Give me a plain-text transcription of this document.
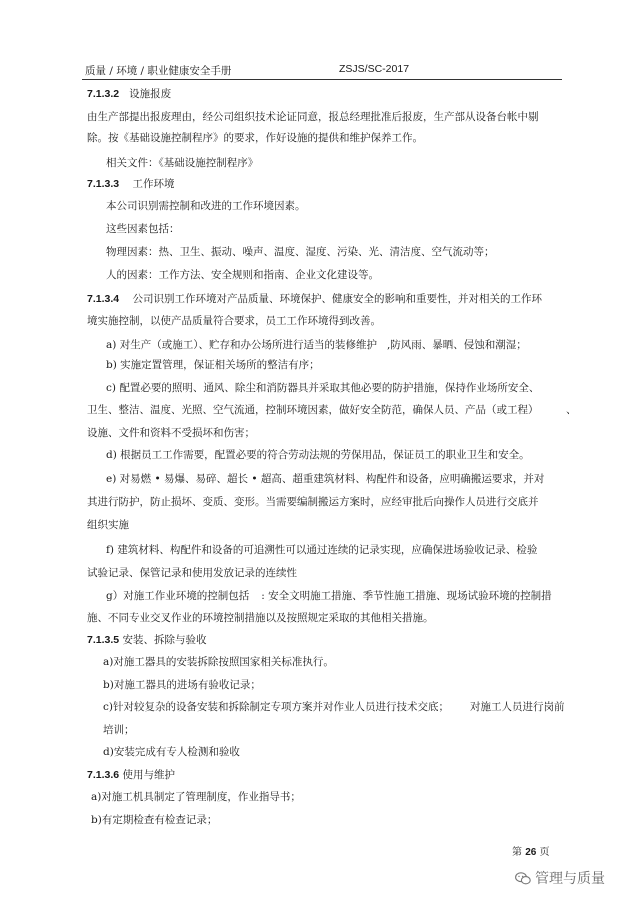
质量 / 环境 / 职业健康安全手册	ZSJS/SC-2017
7.1.3.2 设施报废
由生产部提出报废理由，经公司组织技术论证同意，报总经理批准后报废，生产部从设备台帐中剔
除。按《基础设施控制程序》的要求，作好设施的提供和维护保养工作。
相关文件：《基础设施控制程序》
7.1.3.3 工作环境
本公司识别需控制和改进的工作环境因素。
这些因素包括：
物理因素：热、卫生、振动、噪声、温度、湿度、污染、光、清洁度、空气流动等；
人的因素：工作方法、安全规则和指南、企业文化建设等。
7.1.3.4 公司识别工作环境对产品质量、环境保护、健康安全的影响和重要性，并对相关的工作环
境实施控制，以使产品质量符合要求，员工工作环境得到改善。
a) 对生产（或施工）、贮存和办公场所进行适当的装修维护 ,防风雨、暴晒、侵蚀和潮湿；
b) 实施定置管理，保证相关场所的整洁有序；
c) 配置必要的照明、通风、除尘和消防器具并采取其他必要的防护措施，保持作业场所安全、
卫生、整洁、温度、光照、空气流通，控制环境因素，做好安全防范，确保人员、产品（或工程）	、
设施、文件和资料不受损坏和伤害；
d) 根据员工工作需要，配置必要的符合劳动法规的劳保用品，保证员工的职业卫生和安全。
e) 对易燃 • 易爆、易碎、超长 • 超高、超重建筑材料、构配件和设备，应明确搬运要求，并对
其进行防护，防止损坏、变质、变形。当需要编制搬运方案时，应经审批后向操作人员进行交底并
组织实施
f) 建筑材料、构配件和设备的可追溯性可以通过连续的记录实现，应确保进场验收记录、检验
试验记录、保管记录和使用发放记录的连续性
g）对施工作业环境的控制包括 : 安全文明施工措施、季节性施工措施、现场试验环境的控制措
施、不同专业交叉作业的环境控制措施以及按照规定采取的其他相关措施。
7.1.3.5 安装、拆除与验收
a)对施工器具的安装拆除按照国家相关标准执行。
b)对施工器具的进场有验收记录；
c)针对较复杂的设备安装和拆除制定专项方案并对作业人员进行技术交底； 对施工人员进行岗前
培训；
d)安装完成有专人检测和验收
7.1.3.6 使用与维护
a)对施工机具制定了管理制度，作业指导书；
b)有定期检查有检查记录；
第 26 页
管理与质量
